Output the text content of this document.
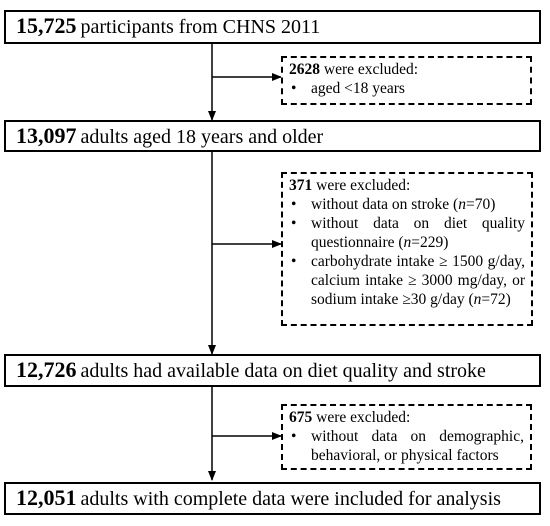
15,725 participants from CHNS 2011
13,097 adults aged 18 years and older
12,726 adults had available data on diet quality and stroke
12,051 adults with complete data were included for analysis
2628 were excluded:
• aged <18 years
371 were excluded:
• without data on stroke (n=70)
• without data on diet quality questionnaire (n=229)
• carbohydrate intake ≥ 1500 g/day, calcium intake ≥ 3000 mg/day, or sodium intake ≥30 g/day (n=72)
675 were excluded:
• without data on demographic, behavioral, or physical factors
